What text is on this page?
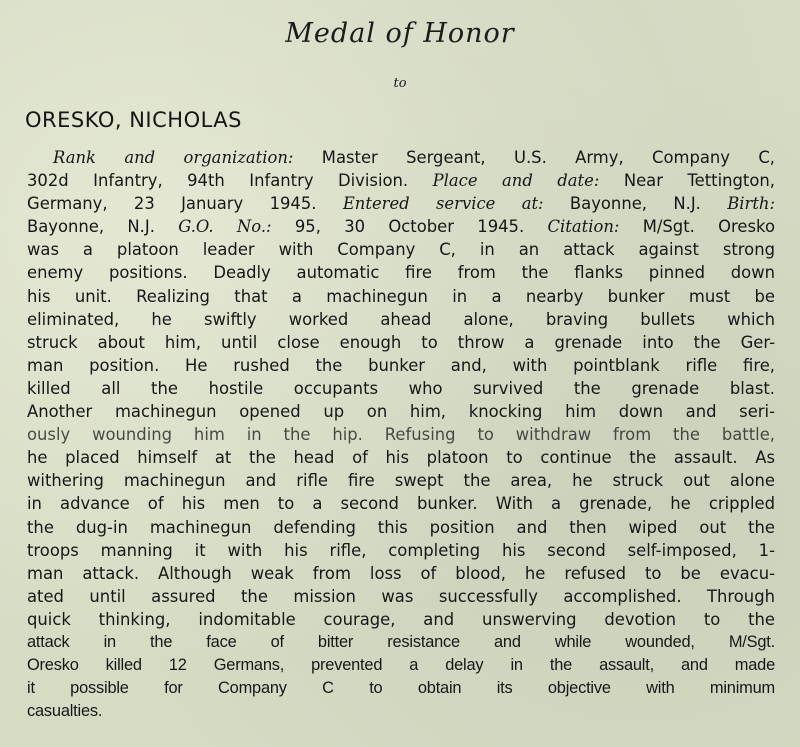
Medal of Honor
to
ORESKO, NICHOLAS
Rank and organization: Master Sergeant, U.S. Army, Company C,
302d Infantry, 94th Infantry Division. Place and date: Near Tettington,
Germany, 23 January 1945. Entered service at: Bayonne, N.J. Birth:
Bayonne, N.J. G.O. No.: 95, 30 October 1945. Citation: M/Sgt. Oresko
was a platoon leader with Company C, in an attack against strong
enemy positions. Deadly automatic fire from the flanks pinned down
his unit. Realizing that a machinegun in a nearby bunker must be
eliminated, he swiftly worked ahead alone, braving bullets which
struck about him, until close enough to throw a grenade into the Ger-
man position. He rushed the bunker and, with pointblank rifle fire,
killed all the hostile occupants who survived the grenade blast.
Another machinegun opened up on him, knocking him down and seri-
ously wounding him in the hip. Refusing to withdraw from the battle,
he placed himself at the head of his platoon to continue the assault. As
withering machinegun and rifle fire swept the area, he struck out alone
in advance of his men to a second bunker. With a grenade, he crippled
the dug-in machinegun defending this position and then wiped out the
troops manning it with his rifle, completing his second self-imposed, 1-
man attack. Although weak from loss of blood, he refused to be evacu-
ated until assured the mission was successfully accomplished. Through
quick thinking, indomitable courage, and unswerving devotion to the
attack in the face of bitter resistance and while wounded, M/Sgt.
Oresko killed 12 Germans, prevented a delay in the assault, and made
it possible for Company C to obtain its objective with minimum
casualties.
